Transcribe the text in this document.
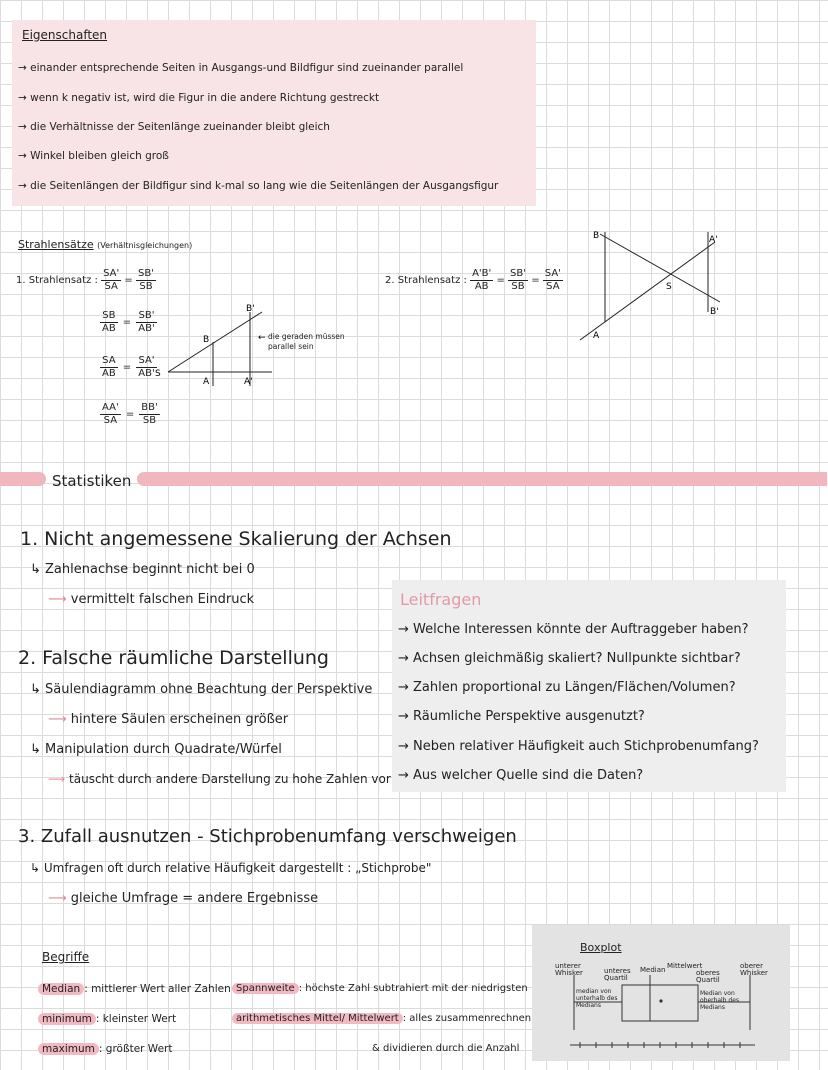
Eigenschaften
→ einander entsprechende Seiten in Ausgangs-und Bildfigur sind zueinander parallel
→ wenn k negativ ist, wird die Figur in die andere Richtung gestreckt
→ die Verhältnisse der Seitenlänge zueinander bleibt gleich
→ Winkel bleiben gleich groß
→ die Seitenlängen der Bildfigur sind k-mal so lang wie die Seitenlängen der Ausgangsfigur
Strahlensätze (Verhältnisgleichungen)
1. Strahlensatz : $\frac{SA'}{SA} = \frac{SB'}{SB}$
$\frac{SB}{AB} = \frac{SB'}{AB'}$
$\frac{SA}{AB} = \frac{SA'}{AB'}$
$\frac{AA'}{SA} = \frac{BB'}{SB}$
S
A	A'
B
B'
← die geraden müssen parallel sein
2. Strahlensatz : $\frac{A'B'}{AB} = \frac{SB'}{SB} = \frac{SA'}{SA}$
B	A'
S
B'
A
Statistiken
1. Nicht angemessene Skalierung der Achsen
↳ Zahlenachse beginnt nicht bei 0
⟶ vermittelt falschen Eindruck	Leitfragen
→ Welche Interessen könnte der Auftraggeber haben?
→ Achsen gleichmäßig skaliert? Nullpunkte sichtbar?
→ Zahlen proportional zu Längen/Flächen/Volumen?
→ Räumliche Perspektive ausgenutzt?
→ Neben relativer Häufigkeit auch Stichprobenumfang?
→ Aus welcher Quelle sind die Daten?
2. Falsche räumliche Darstellung
↳ Säulendiagramm ohne Beachtung der Perspektive
⟶ hintere Säulen erscheinen größer
↳ Manipulation durch Quadrate/Würfel
⟶ täuscht durch andere Darstellung zu hohe Zahlen vor
3. Zufall ausnutzen - Stichprobenumfang verschweigen
↳ Umfragen oft durch relative Häufigkeit dargestellt : „Stichprobe"
⟶ gleiche Umfrage = andere Ergebnisse
Begriffe
Median : mittlerer Wert aller Zahlen
minimum : kleinster Wert
maximum : größter Wert
Spannweite : höchste Zahl subtrahiert mit der niedrigsten
arithmetisches Mittel/ Mittelwert : alles zusammenrechnen
& dividieren durch die Anzahl
Boxplot
unterer Whisker	unteres Quartil
Median Mittelwert
oberes Quartil
oberer Whisker
median von unterhalb des Medians
Median von oberhalb des Medians
